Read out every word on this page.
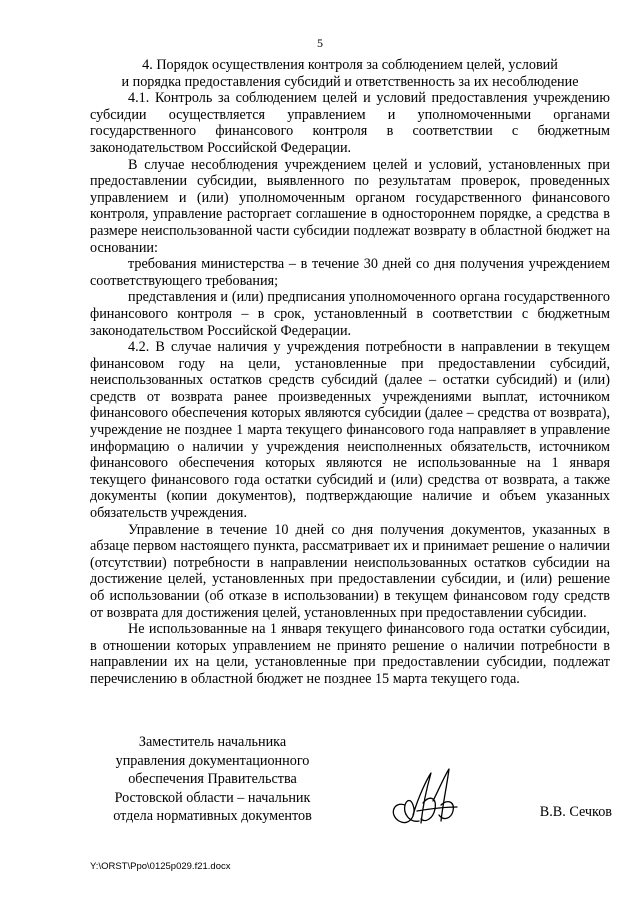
5

4. Порядок осуществления контроля за соблюдением целей, условий

и порядка предоставления субсидий и ответственность за их несоблюдение

4.1. Контроль за соблюдением целей и условий предоставления учреждению субсидии осуществляется управлением и уполномоченными органами государственного финансового контроля в соответствии с бюджетным законодательством Российской Федерации.

В случае несоблюдения учреждением целей и условий, установленных при предоставлении субсидии, выявленного по результатам проверок, проведенных управлением и (или) уполномоченным органом государственного финансового контроля, управление расторгает соглашение в одностороннем порядке, а средства в размере неиспользованной части субсидии подлежат возврату в областной бюджет на основании:

требования министерства – в течение 30 дней со дня получения учреждением соответствующего требования;

представления и (или) предписания уполномоченного органа государственного финансового контроля – в срок, установленный в соответствии с бюджетным законодательством Российской Федерации.

4.2. В случае наличия у учреждения потребности в направлении в текущем финансовом году на цели, установленные при предоставлении субсидий, неиспользованных остатков средств субсидий (далее – остатки субсидий) и (или) средств от возврата ранее произведенных учреждениями выплат, источником финансового обеспечения которых являются субсидии (далее – средства от возврата), учреждение не позднее 1 марта текущего финансового года направляет в управление информацию о наличии у учреждения неисполненных обязательств, источником финансового обеспечения которых являются не использованные на 1 января текущего финансового года остатки субсидий и (или) средства от возврата, а также документы (копии документов), подтверждающие наличие и объем указанных обязательств учреждения.

Управление в течение 10 дней со дня получения документов, указанных в абзаце первом настоящего пункта, рассматривает их и принимает решение о наличии (отсутствии) потребности в направлении неиспользованных остатков субсидии на достижение целей, установленных при предоставлении субсидии, и (или) решение об использовании (об отказе в использовании) в текущем финансовом году средств от возврата для достижения целей, установленных при предоставлении субсидии.

Не использованные на 1 января текущего финансового года остатки субсидии, в отношении которых управлением не принято решение о наличии потребности в направлении их на цели, установленные при предоставлении субсидии, подлежат перечислению в областной бюджет не позднее 15 марта текущего года.

Заместитель начальника
управления документационного
обеспечения Правительства
Ростовской области – начальник
отдела нормативных документов	В.В. Сечков
Y:\ORST\Ppo\0125p029.f21.docx
